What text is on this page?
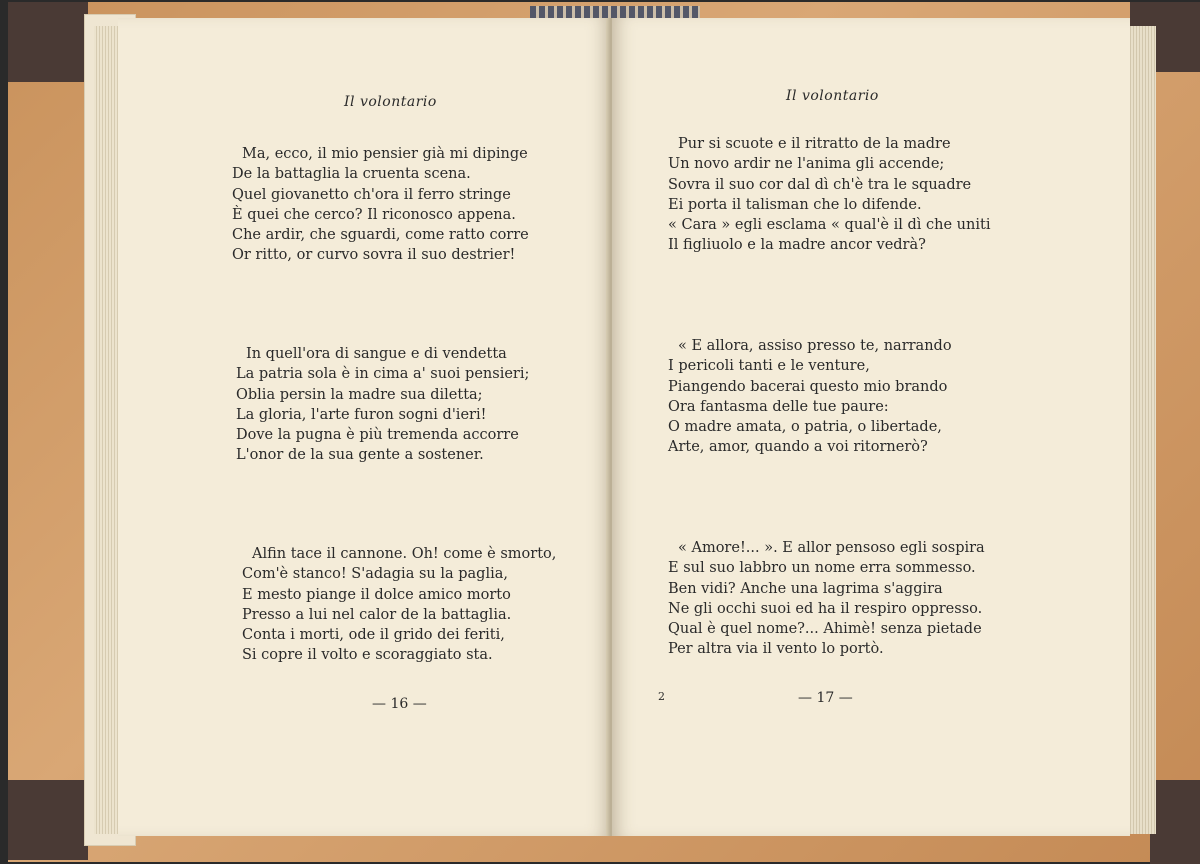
Il volontario
Ma, ecco, il mio pensier già mi dipinge
De la battaglia la cruenta scena.
Quel giovanetto ch'ora il ferro stringe
È quei che cerco? Il riconosco appena.
Che ardir, che sguardi, come ratto corre
Or ritto, or curvo sovra il suo destrier!
In quell'ora di sangue e di vendetta
La patria sola è in cima a' suoi pensieri;
Oblia persin la madre sua diletta;
La gloria, l'arte furon sogni d'ieri!
Dove la pugna è più tremenda accorre
L'onor de la sua gente a sostener.
Alfin tace il cannone. Oh! come è smorto,
Com'è stanco! S'adagia su la paglia,
E mesto piange il dolce amico morto
Presso a lui nel calor de la battaglia.
Conta i morti, ode il grido dei feriti,
Si copre il volto e scoraggiato sta.
— 16 —
Il volontario
Pur si scuote e il ritratto de la madre
Un novo ardir ne l'anima gli accende;
Sovra il suo cor dal dì ch'è tra le squadre
Ei porta il talisman che lo difende.
« Cara » egli esclama « qual'è il dì che uniti
Il figliuolo e la madre ancor vedrà?
« E allora, assiso presso te, narrando
I pericoli tanti e le venture,
Piangendo bacerai questo mio brando
Ora fantasma delle tue paure:
O madre amata, o patria, o libertade,
Arte, amor, quando a voi ritornerò?
« Amore!... ». E allor pensoso egli sospira
E sul suo labbro un nome erra sommesso.
Ben vidi? Anche una lagrima s'aggira
Ne gli occhi suoi ed ha il respiro oppresso.
Qual è quel nome?... Ahimè! senza pietade
Per altra via il vento lo portò.
2	— 17 —
